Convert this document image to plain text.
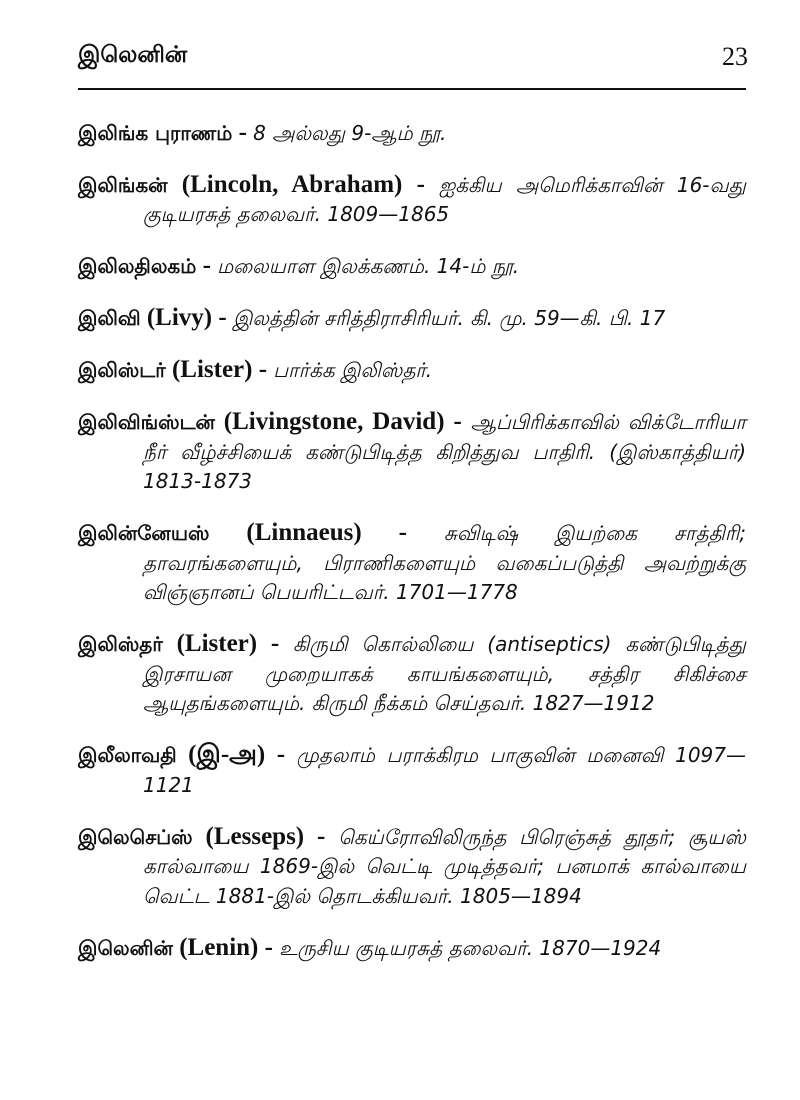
இலெனின்	23

இலிங்க புராணம் - 8 அல்லது 9-ஆம் நூ.

இலிங்கன் (Lincoln, Abraham) - ஐக்கிய அமெரிக்காவின் 16-வது குடியரசுத் தலைவர். 1809—1865

இலிலதிலகம் - மலையாள இலக்கணம். 14-ம் நூ.

இலிவி (Livy) - இலத்தின் சரித்திராசிரியர். கி. மு. 59—கி. பி. 17

இலிஸ்டர் (Lister) - பார்க்க இலிஸ்தர்.

இலிவிங்ஸ்டன் (Livingstone, David) - ஆப்பிரிக்காவில் விக்டோரியா நீர் வீழ்ச்சியைக் கண்டுபிடித்த கிறித்துவ பாதிரி. (இஸ்காத்தியர்) 1813-1873

இலின்னேயஸ் (Linnaeus) - சுவிடிஷ் இயற்கை சாத்திரி; தாவரங்களையும், பிராணிகளையும் வகைப்படுத்தி அவற்றுக்கு விஞ்ஞானப் பெயரிட்டவர். 1701—1778

இலிஸ்தர் (Lister) - கிருமி கொல்லியை (antiseptics) கண்டுபிடித்து இரசாயன முறையாகக் காயங்களையும், சத்திர சிகிச்சை ஆயுதங்களையும். கிருமி நீக்கம் செய்தவர். 1827—1912

இலீலாவதி (இ-அ) - முதலாம் பராக்கிரம பாகுவின் மனைவி 1097—1121

இலெசெப்ஸ் (Lesseps) - கெய்ரோவிலிருந்த பிரெஞ்சுத் தூதர்; சூயஸ் கால்வாயை 1869-இல் வெட்டி முடித்தவர்; பனமாக் கால்வாயை வெட்ட 1881-இல் தொடக்கியவர். 1805—1894

இலெனின் (Lenin) - உருசிய குடியரசுத் தலைவர். 1870—1924
